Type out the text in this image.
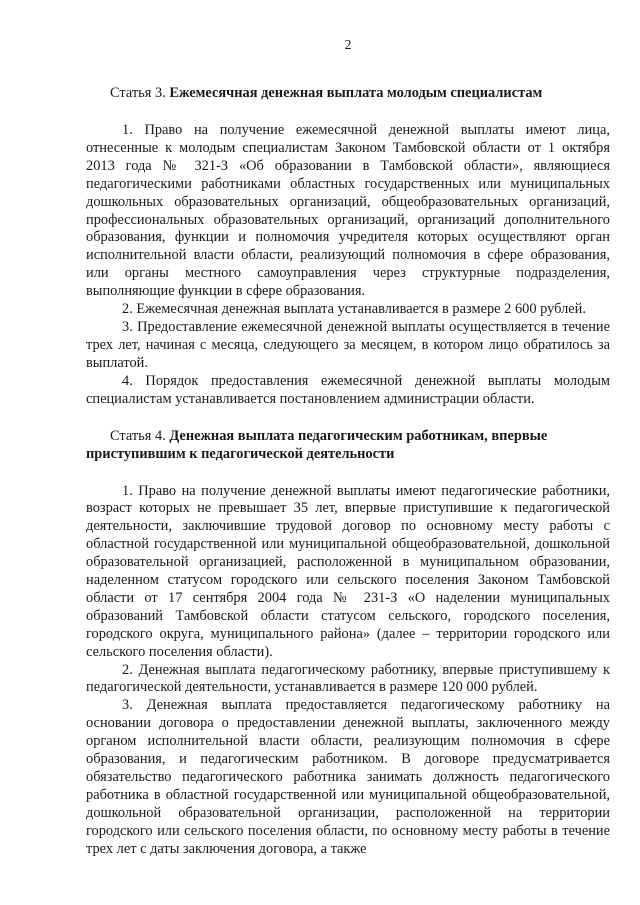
2
Статья 3. Ежемесячная денежная выплата молодым специалистам

1. Право на получение ежемесячной денежной выплаты имеют лица, отнесенные к молодым специалистам Законом Тамбовской области от 1 октября 2013 года № 321-З «Об образовании в Тамбовской области», являющиеся педагогическими работниками областных государственных или муниципальных дошкольных образовательных организаций, общеобразовательных организаций, профессиональных образовательных организаций, организаций дополнительного образования, функции и полномочия учредителя которых осуществляют орган исполнительной власти области, реализующий полномочия в сфере образования, или органы местного самоуправления через структурные подразделения, выполняющие функции в сфере образования.

2. Ежемесячная денежная выплата устанавливается в размере 2 600 рублей.

3. Предоставление ежемесячной денежной выплаты осуществляется в течение трех лет, начиная с месяца, следующего за месяцем, в котором лицо обратилось за выплатой.

4. Порядок предоставления ежемесячной денежной выплаты молодым специалистам устанавливается постановлением администрации области.

Статья 4. Денежная выплата педагогическим работникам, впервые приступившим к педагогической деятельности

1. Право на получение денежной выплаты имеют педагогические работники, возраст которых не превышает 35 лет, впервые приступившие к педагогической деятельности, заключившие трудовой договор по основному месту работы с областной государственной или муниципальной общеобразовательной, дошкольной образовательной организацией, расположенной в муниципальном образовании, наделенном статусом городского или сельского поселения Законом Тамбовской области от 17 сентября 2004 года № 231-З «О наделении муниципальных образований Тамбовской области статусом сельского, городского поселения, городского округа, муниципального района» (далее – территории городского или сельского поселения области).

2. Денежная выплата педагогическому работнику, впервые приступившему к педагогической деятельности, устанавливается в размере 120 000 рублей.

3. Денежная выплата предоставляется педагогическому работнику на основании договора о предоставлении денежной выплаты, заключенного между органом исполнительной власти области, реализующим полномочия в сфере образования, и педагогическим работником. В договоре предусматривается обязательство педагогического работника занимать должность педагогического работника в областной государственной или муниципальной общеобразовательной, дошкольной образовательной организации, расположенной на территории городского или сельского поселения области, по основному месту работы в течение трех лет с даты заключения договора, а также
